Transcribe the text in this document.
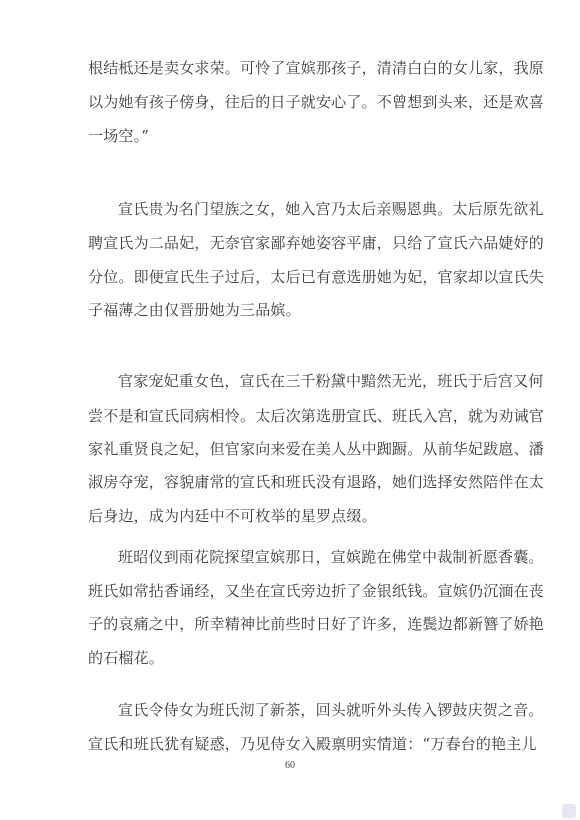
根结柢还是卖女求荣。可怜了宣嫔那孩子，清清白白的女儿家，我原
以为她有孩子傍身，往后的日子就安心了。不曾想到头来，还是欢喜
一场空。”
宣氏贵为名门望族之女，她入宫乃太后亲赐恩典。太后原先欲礼
聘宣氏为二品妃，无奈官家鄙弃她姿容平庸，只给了宣氏六品婕妤的
分位。即便宣氏生子过后，太后已有意选册她为妃，官家却以宣氏失
子福薄之由仅晋册她为三品嫔。
官家宠妃重女色，宣氏在三千粉黛中黯然无光，班氏于后宫又何
尝不是和宣氏同病相怜。太后次第选册宣氏、班氏入宫，就为劝诫官
家礼重贤良之妃，但官家向来爱在美人丛中踟蹰。从前华妃跋扈、潘
淑房夺宠，容貌庸常的宣氏和班氏没有退路，她们选择安然陪伴在太
后身边，成为内廷中不可枚举的星罗点缀。
班昭仪到雨花院探望宣嫔那日，宣嫔跪在佛堂中裁制祈愿香囊。
班氏如常拈香诵经，又坐在宣氏旁边折了金银纸钱。宣嫔仍沉湎在丧
子的哀痛之中，所幸精神比前些时日好了许多，连鬓边都新簪了娇艳
的石榴花。
宣氏令侍女为班氏沏了新茶，回头就听外头传入锣鼓庆贺之音。
宣氏和班氏犹有疑惑，乃见侍女入殿禀明实情道：“万春台的艳主儿
60
